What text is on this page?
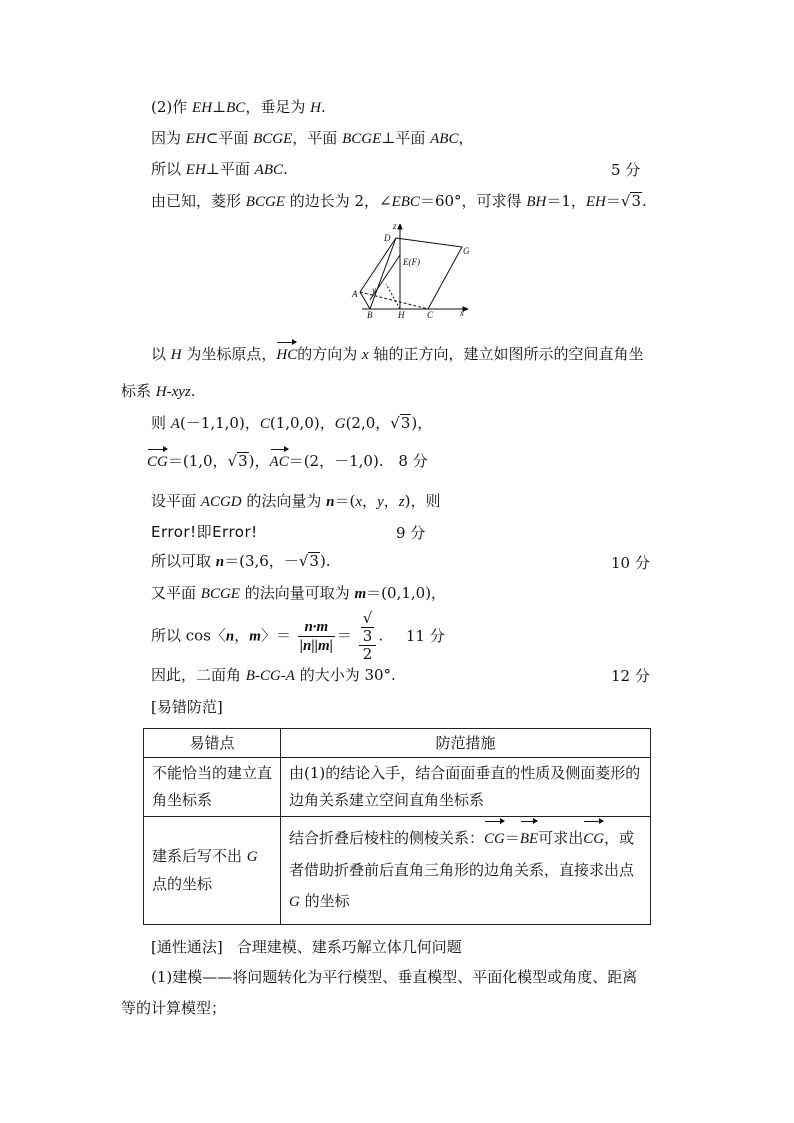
(2)作 EH⊥BC，垂足为 H.
因为 EH⊂平面 BCGE，平面 BCGE⊥平面 ABC，
所以 EH⊥平面 ABC.	5 分
由已知，菱形 BCGE 的边长为 2，∠EBC＝60°，可求得 BH＝1，EH＝√3.
z
D
G
E(F)
A y
B	H	C	x
以 H 为坐标原点，HC的方向为 x 轴的正方向，建立如图所示的空间直角坐
标系 H-xyz.
则 A(－1,1,0)，C(1,0,0)，G(2,0，√3)，
CG＝(1,0，√3)，AC＝(2，－1,0). 8 分
设平面 ACGD 的法向量为 n＝(x，y，z)，则
Error!即Error!	9 分
所以可取 n＝(3,6，－√3).	10 分
又平面 BCGE 的法向量可取为 m＝(0,1,0)，
所以 cos〈n，m〉＝ $\frac{n\cdot m}{|n||m|}$ ＝ √
3
2 . 11 分
因此，二面角 B-CG-A 的大小为 30°.	12 分
[易错防范]
易错点	防范措施
不能恰当的建立直角坐标系	由(1)的结论入手，结合面面垂直的性质及侧面菱形的边角关系建立空间直角坐标系
建系后写不出 G 点的坐标	结合折叠后棱柱的侧棱关系：CG＝BE可求出CG，或者借助折叠前后直角三角形的边角关系，直接求出点 G 的坐标
[通性通法] 合理建模、建系巧解立体几何问题
(1)建模——将问题转化为平行模型、垂直模型、平面化模型或角度、距离
等的计算模型；
